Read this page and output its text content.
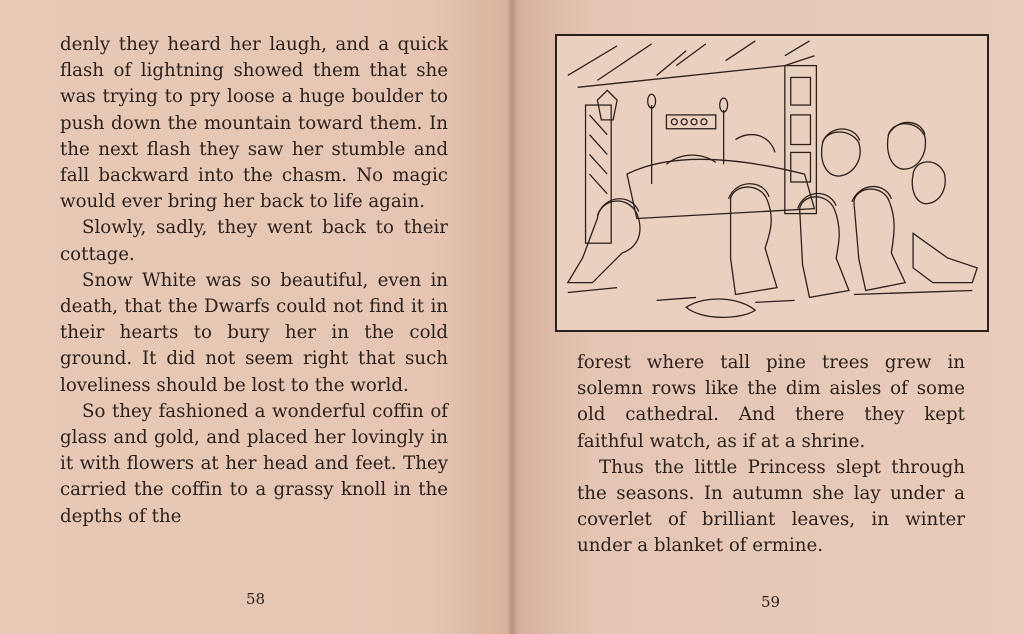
denly they heard her laugh, and a quick flash of lightning showed them that she was trying to pry loose a huge boulder to push down the mountain toward them. In the next flash they saw her stumble and fall backward into the chasm. No magic would ever bring her back to life again.

Slowly, sadly, they went back to their cottage.

Snow White was so beautiful, even in death, that the Dwarfs could not find it in their hearts to bury her in the cold ground. It did not seem right that such loveliness should be lost to the world.

So they fashioned a wonderful coffin of glass and gold, and placed her lovingly in it with flowers at her head and feet. They carried the coffin to a grassy knoll in the depths of the

58

forest where tall pine trees grew in solemn rows like the dim aisles of some old cathedral. And there they kept faithful watch, as if at a shrine.

Thus the little Princess slept through the seasons. In autumn she lay under a coverlet of brilliant leaves, in winter under a blanket of ermine.

59
